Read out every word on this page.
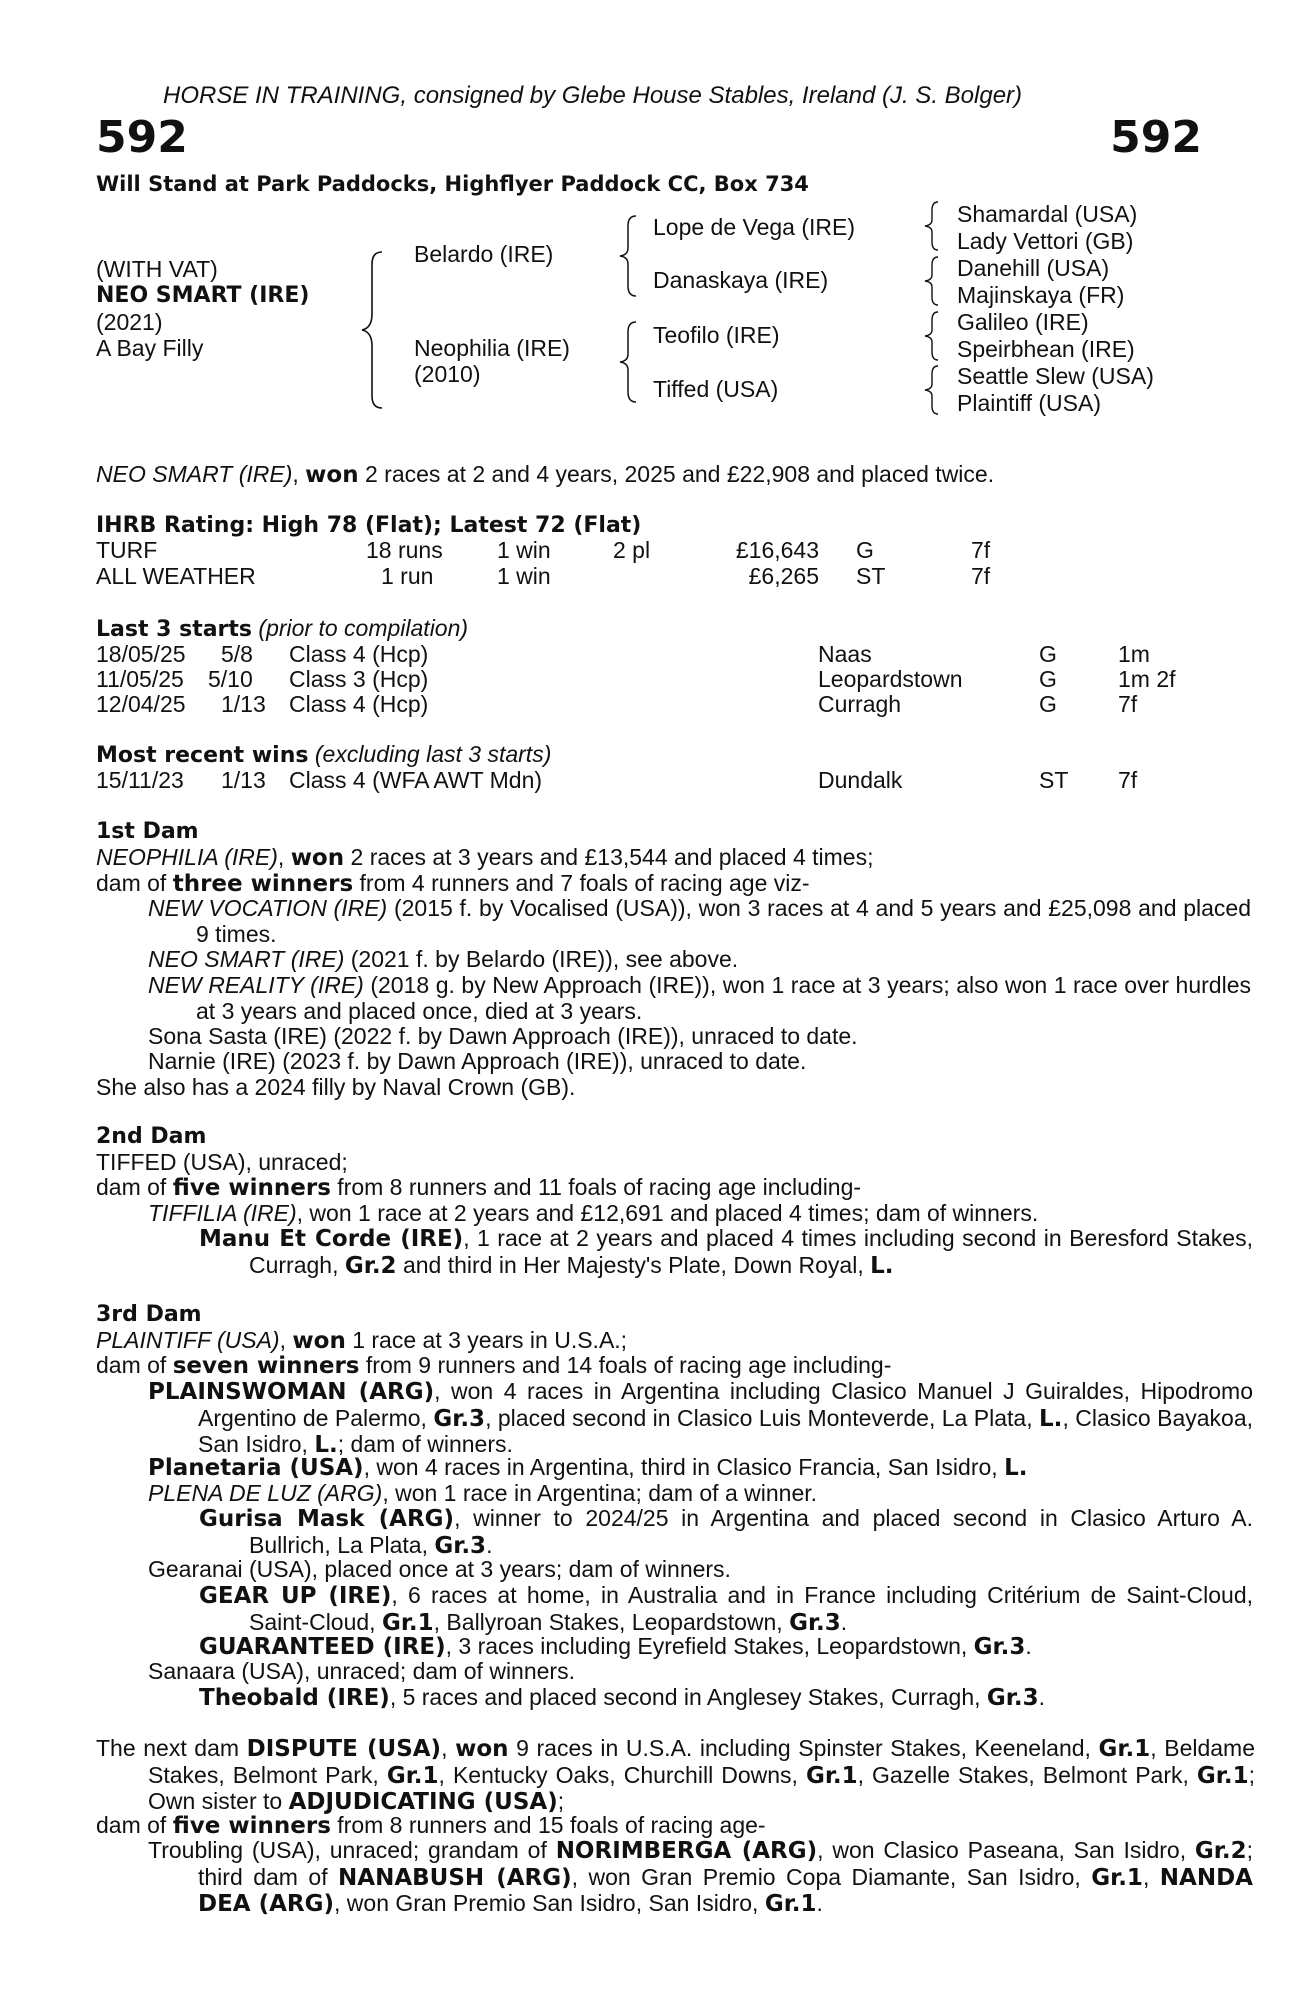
HORSE IN TRAINING, consigned by Glebe House Stables, Ireland (J. S. Bolger)
592	592
Will Stand at Park Paddocks, Highflyer Paddock CC, Box 734
(WITH VAT)
NEO SMART (IRE)
(2021)
A Bay Filly
Belardo (IRE)
Neophilia (IRE)
(2010)
Lope de Vega (IRE)
Danaskaya (IRE)
Teofilo (IRE)
Tiffed (USA)
Shamardal (USA)
Lady Vettori (GB)
Danehill (USA)
Majinskaya (FR)
Galileo (IRE)
Speirbhean (IRE)
Seattle Slew (USA)
Plaintiff (USA)
NEO SMART (IRE), won 2 races at 2 and 4 years, 2025 and £22,908 and placed twice.
IHRB Rating: High 78 (Flat); Latest 72 (Flat)
TURF	18 runs 1 win	2 pl	£16,643 G	7f
ALL WEATHER	1 run	1 win	£6,265 ST	7f
Last 3 starts (prior to compilation)
18/05/25 5/8 Class 4 (Hcp)	Naas	G	1m
11/05/25 5/10 Class 3 (Hcp)	Leopardstown	G	1m 2f
12/04/25 1/13 Class 4 (Hcp)	Curragh	G	7f
Most recent wins (excluding last 3 starts)
15/11/23 1/13 Class 4 (WFA AWT Mdn)	Dundalk	ST 7f
1st Dam
NEOPHILIA (IRE), won 2 races at 3 years and £13,544 and placed 4 times;
dam of three winners from 4 runners and 7 foals of racing age viz-
NEW VOCATION (IRE) (2015 f. by Vocalised (USA)), won 3 races at 4 and 5 years and £25,098 and placed 9 times.
NEO SMART (IRE) (2021 f. by Belardo (IRE)), see above.
NEW REALITY (IRE) (2018 g. by New Approach (IRE)), won 1 race at 3 years; also won 1 race over hurdles at 3 years and placed once, died at 3 years.
Sona Sasta (IRE) (2022 f. by Dawn Approach (IRE)), unraced to date.
Narnie (IRE) (2023 f. by Dawn Approach (IRE)), unraced to date.
She also has a 2024 filly by Naval Crown (GB).
2nd Dam
TIFFED (USA), unraced;
dam of five winners from 8 runners and 11 foals of racing age including-
TIFFILIA (IRE), won 1 race at 2 years and £12,691 and placed 4 times; dam of winners.
Manu Et Corde (IRE), 1 race at 2 years and placed 4 times including second in Beresford Stakes, Curragh, Gr.2 and third in Her Majesty's Plate, Down Royal, L.
3rd Dam
PLAINTIFF (USA), won 1 race at 3 years in U.S.A.;
dam of seven winners from 9 runners and 14 foals of racing age including-
PLAINSWOMAN (ARG), won 4 races in Argentina including Clasico Manuel J Guiraldes, Hipodromo Argentino de Palermo, Gr.3, placed second in Clasico Luis Monteverde, La Plata, L., Clasico Bayakoa, San Isidro, L.; dam of winners.
Planetaria (USA), won 4 races in Argentina, third in Clasico Francia, San Isidro, L.
PLENA DE LUZ (ARG), won 1 race in Argentina; dam of a winner.
Gurisa Mask (ARG), winner to 2024/25 in Argentina and placed second in Clasico Arturo A. Bullrich, La Plata, Gr.3.
Gearanai (USA), placed once at 3 years; dam of winners.
GEAR UP (IRE), 6 races at home, in Australia and in France including Critérium de Saint-Cloud, Saint-Cloud, Gr.1, Ballyroan Stakes, Leopardstown, Gr.3.
GUARANTEED (IRE), 3 races including Eyrefield Stakes, Leopardstown, Gr.3.
Sanaara (USA), unraced; dam of winners.
Theobald (IRE), 5 races and placed second in Anglesey Stakes, Curragh, Gr.3.
The next dam DISPUTE (USA), won 9 races in U.S.A. including Spinster Stakes, Keeneland, Gr.1, Beldame Stakes, Belmont Park, Gr.1, Kentucky Oaks, Churchill Downs, Gr.1, Gazelle Stakes, Belmont Park, Gr.1; Own sister to ADJUDICATING (USA);
dam of five winners from 8 runners and 15 foals of racing age-
Troubling (USA), unraced; grandam of NORIMBERGA (ARG), won Clasico Paseana, San Isidro, Gr.2; third dam of NANABUSH (ARG), won Gran Premio Copa Diamante, San Isidro, Gr.1, NANDA DEA (ARG), won Gran Premio San Isidro, San Isidro, Gr.1.
